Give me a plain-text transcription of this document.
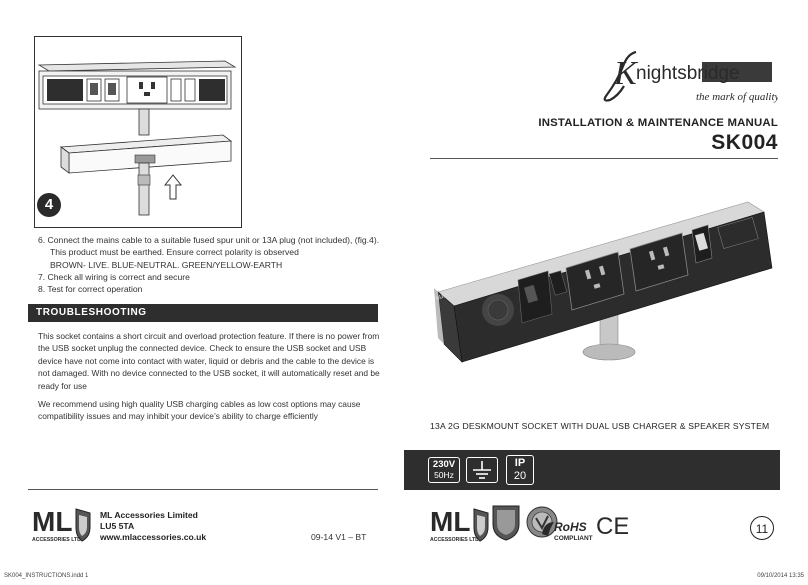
4

6. Connect the mains cable to a suitable fused spur unit or 13A plug (not included), (fig.4).

This product must be earthed. Ensure correct polarity is observed

BROWN- LIVE. BLUE-NEUTRAL. GREEN/YELLOW-EARTH

7. Check all wiring is correct and secure

8. Test for correct operation

TROUBLESHOOTING

This socket contains a short circuit and overload protection feature. If there is no power from the USB socket unplug the connected device. Check to ensure the USB socket and USB device have not come into contact with water, liquid or debris and the cable to the device is not damaged. With no device connected to the USB socket, it will automatically reset and be ready for use

We recommend using high quality USB charging cables as low cost options may cause compatibility issues and may inhibit your device’s ability to charge efficiently

ML
ACCESSORIES LTD
ML Accessories Limited
LU5 5TA
www.mlaccessories.co.uk	09-14 V1 – BT
SK004_INSTRUCTIONS.indd 1	09/10/2014 13:35
K nightsbridge
the mark of quality
INSTALLATION & MAINTENANCE MANUAL
SK004
audio
13A 2G DESKMOUNT SOCKET WITH DUAL USB CHARGER & SPEAKER SYSTEM
230V
50Hz
IP
20
ML
ACCESSORIES LTD
RoHS
COMPLIANT CE	11
